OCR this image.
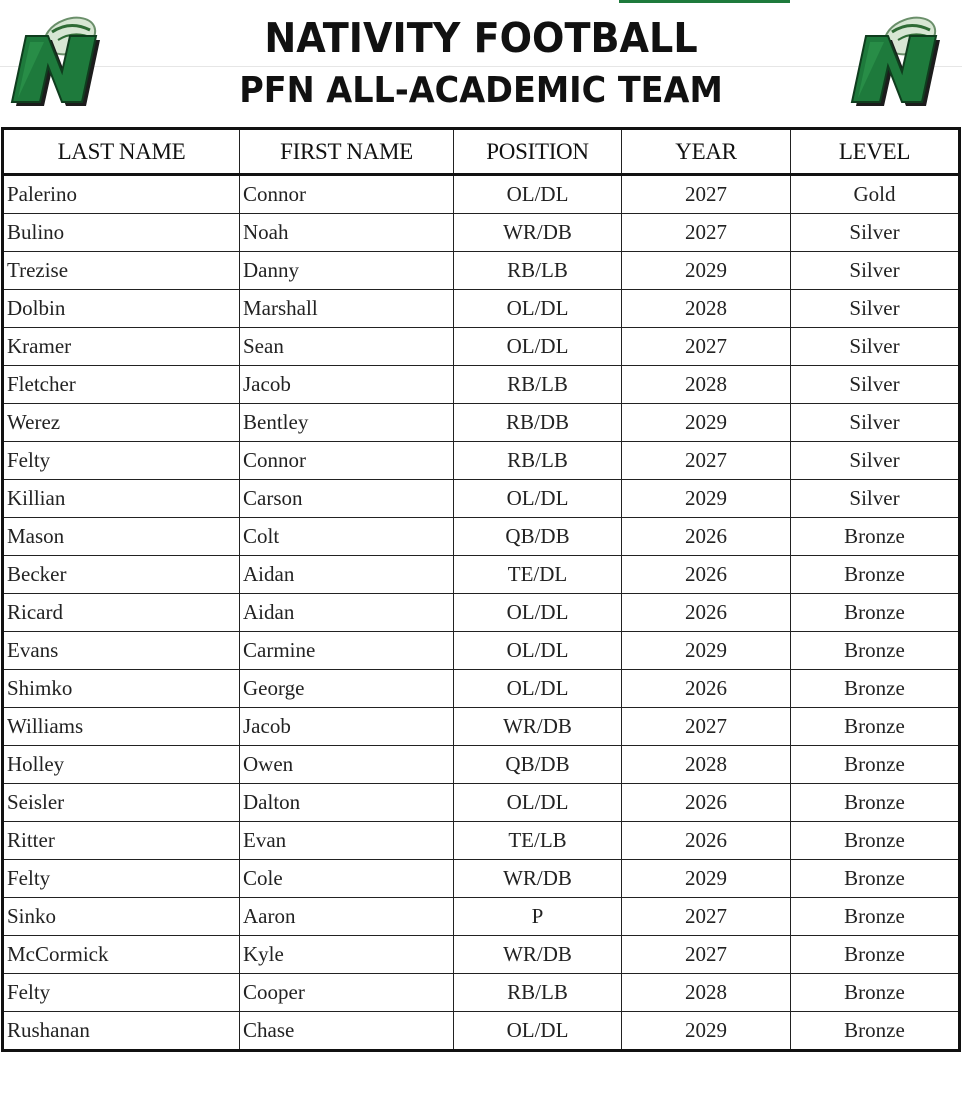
NATIVITY FOOTBALL
PFN ALL-ACADEMIC TEAM
LAST NAME	FIRST NAME	POSITION	YEAR	LEVEL
Palerino	Connor	OL/DL	2027	Gold
Bulino	Noah	WR/DB	2027	Silver
Trezise	Danny	RB/LB	2029	Silver
Dolbin	Marshall	OL/DL	2028	Silver
Kramer	Sean	OL/DL	2027	Silver
Fletcher	Jacob	RB/LB	2028	Silver
Werez	Bentley	RB/DB	2029	Silver
Felty	Connor	RB/LB	2027	Silver
Killian	Carson	OL/DL	2029	Silver
Mason	Colt	QB/DB	2026	Bronze
Becker	Aidan	TE/DL	2026	Bronze
Ricard	Aidan	OL/DL	2026	Bronze
Evans	Carmine	OL/DL	2029	Bronze
Shimko	George	OL/DL	2026	Bronze
Williams	Jacob	WR/DB	2027	Bronze
Holley	Owen	QB/DB	2028	Bronze
Seisler	Dalton	OL/DL	2026	Bronze
Ritter	Evan	TE/LB	2026	Bronze
Felty	Cole	WR/DB	2029	Bronze
Sinko	Aaron	P	2027	Bronze
McCormick	Kyle	WR/DB	2027	Bronze
Felty	Cooper	RB/LB	2028	Bronze
Rushanan	Chase	OL/DL	2029	Bronze
